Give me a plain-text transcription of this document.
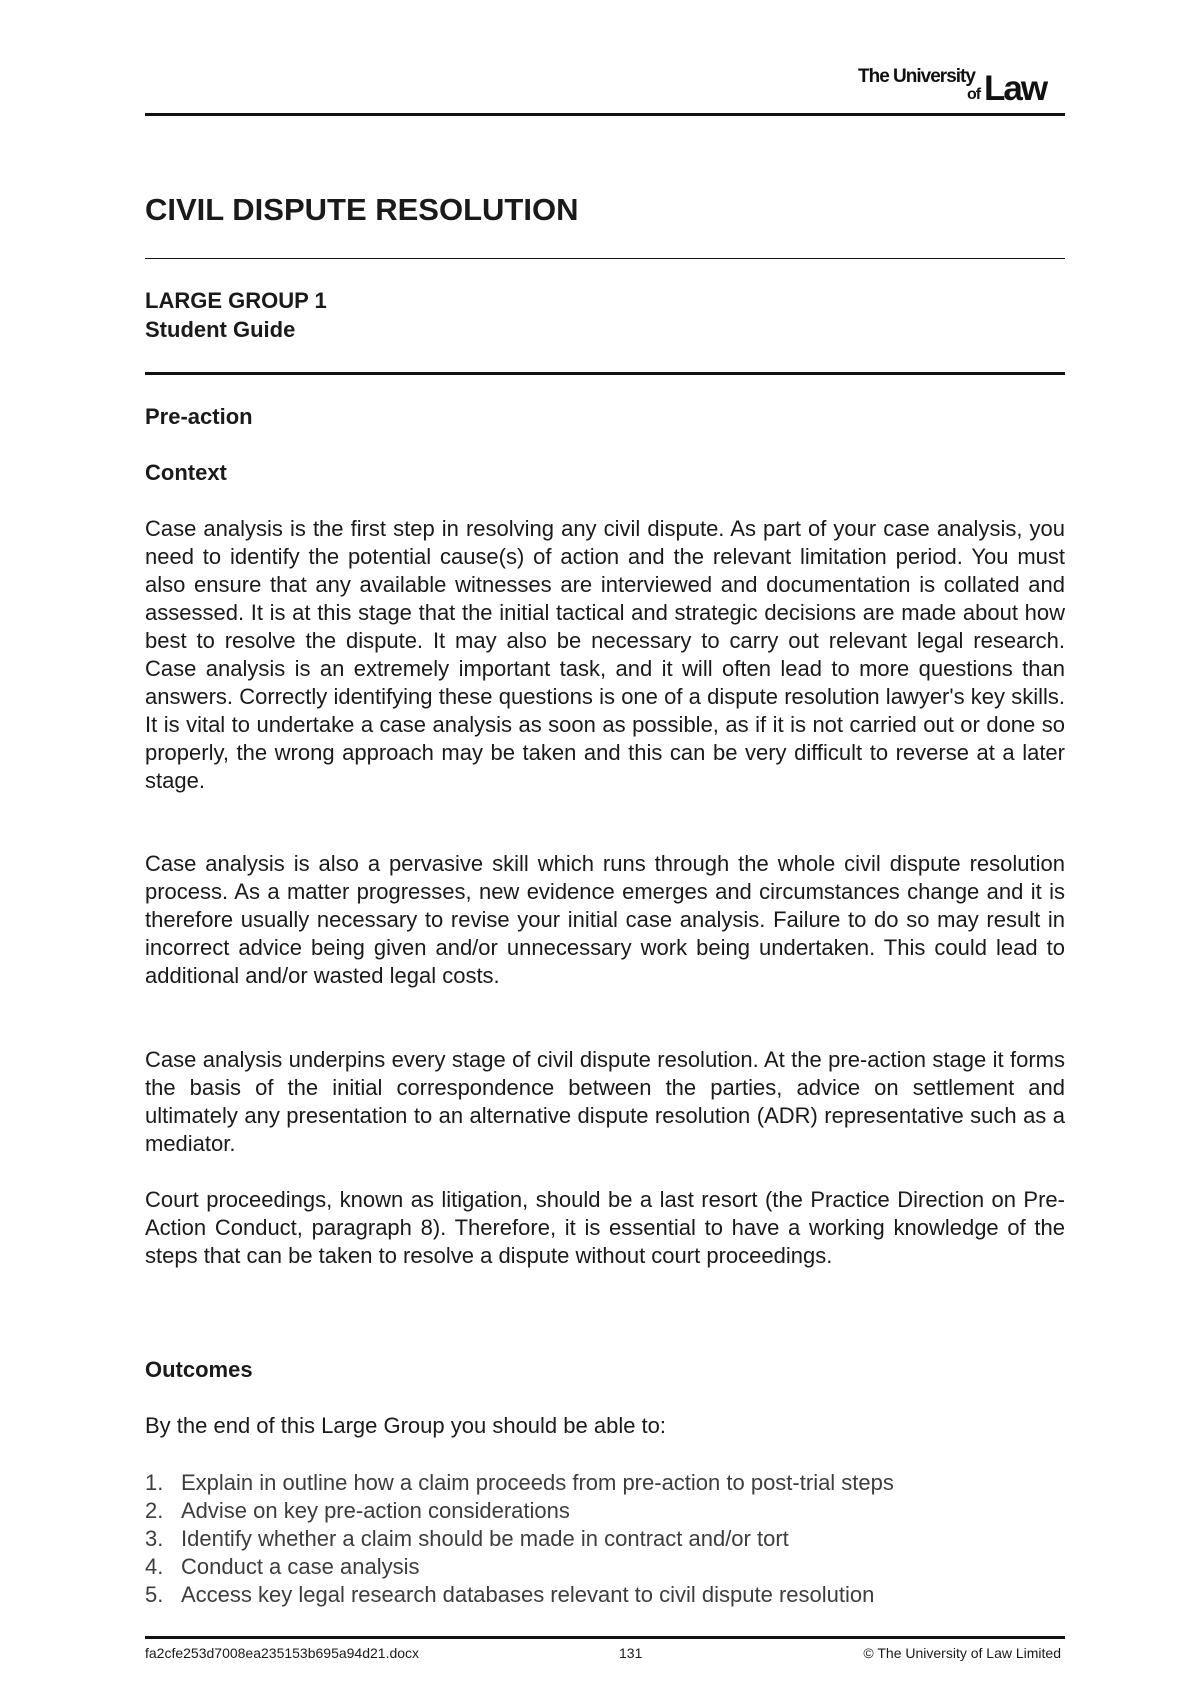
The University
of Law
CIVIL DISPUTE RESOLUTION
LARGE GROUP 1
Student Guide
Pre-action
Context

Case analysis is the first step in resolving any civil dispute. As part of your case analysis, you need to identify the potential cause(s) of action and the relevant limitation period. You must also ensure that any available witnesses are interviewed and documentation is collated and assessed. It is at this stage that the initial tactical and strategic decisions are made about how best to resolve the dispute. It may also be necessary to carry out relevant legal research. Case analysis is an extremely important task, and it will often lead to more questions than answers. Correctly identifying these questions is one of a dispute resolution lawyer's key skills. It is vital to undertake a case analysis as soon as possible, as if it is not carried out or done so properly, the wrong approach may be taken and this can be very difficult to reverse at a later stage.

Case analysis is also a pervasive skill which runs through the whole civil dispute resolution process. As a matter progresses, new evidence emerges and circumstances change and it is therefore usually necessary to revise your initial case analysis. Failure to do so may result in incorrect advice being given and/or unnecessary work being undertaken. This could lead to additional and/or wasted legal costs.

Case analysis underpins every stage of civil dispute resolution. At the pre-action stage it forms the basis of the initial correspondence between the parties, advice on settlement and ultimately any presentation to an alternative dispute resolution (ADR) representative such as a mediator.

Court proceedings, known as litigation, should be a last resort (the Practice Direction on Pre-Action Conduct, paragraph 8). Therefore, it is essential to have a working knowledge of the steps that can be taken to resolve a dispute without court proceedings.

Outcomes
By the end of this Large Group you should be able to:
1. Explain in outline how a claim proceeds from pre-action to post-trial steps
2. Advise on key pre-action considerations
3. Identify whether a claim should be made in contract and/or tort
4. Conduct a case analysis
5. Access key legal research databases relevant to civil dispute resolution
fa2cfe253d7008ea235153b695a94d21.docx	131	© The University of Law Limited
